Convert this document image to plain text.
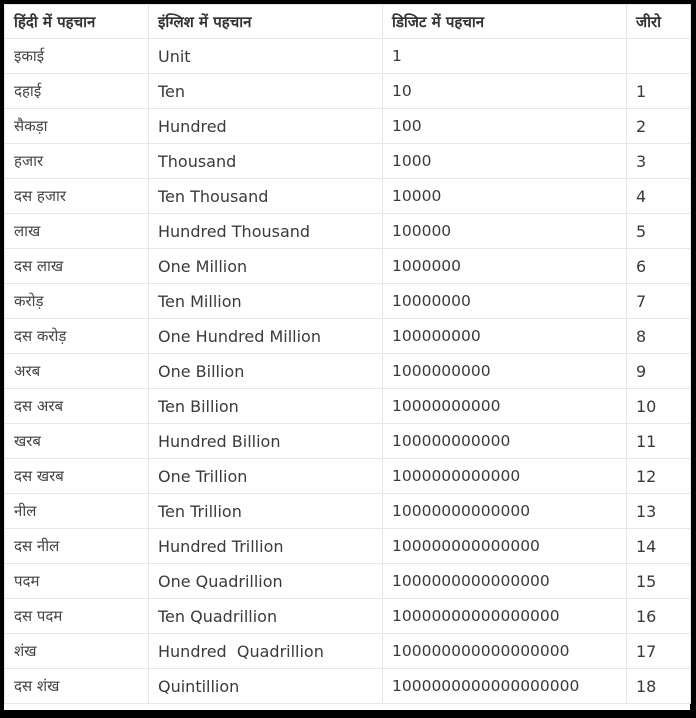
हिंदी में पहचान	इंग्लिश में पहचान	डिजिट में पहचान	जीरो
इकाई	Unit	1	
दहाई	Ten	10	1
सैकड़ा	Hundred	100	2
हजार	Thousand	1000	3
दस हजार	Ten Thousand	10000	4
लाख	Hundred Thousand	100000	5
दस लाख	One Million	1000000	6
करोड़	Ten Million	10000000	7
दस करोड़	One Hundred Million	100000000	8
अरब	One Billion	1000000000	9
दस अरब	Ten Billion	10000000000	10
खरब	Hundred Billion	100000000000	11
दस खरब	One Trillion	1000000000000	12
नील	Ten Trillion	10000000000000	13
दस नील	Hundred Trillion	100000000000000	14
पदम	One Quadrillion	1000000000000000	15
दस पदम	Ten Quadrillion	10000000000000000	16
शंख	Hundred  Quadrillion	100000000000000000	17
दस शंख	Quintillion	1000000000000000000	18
